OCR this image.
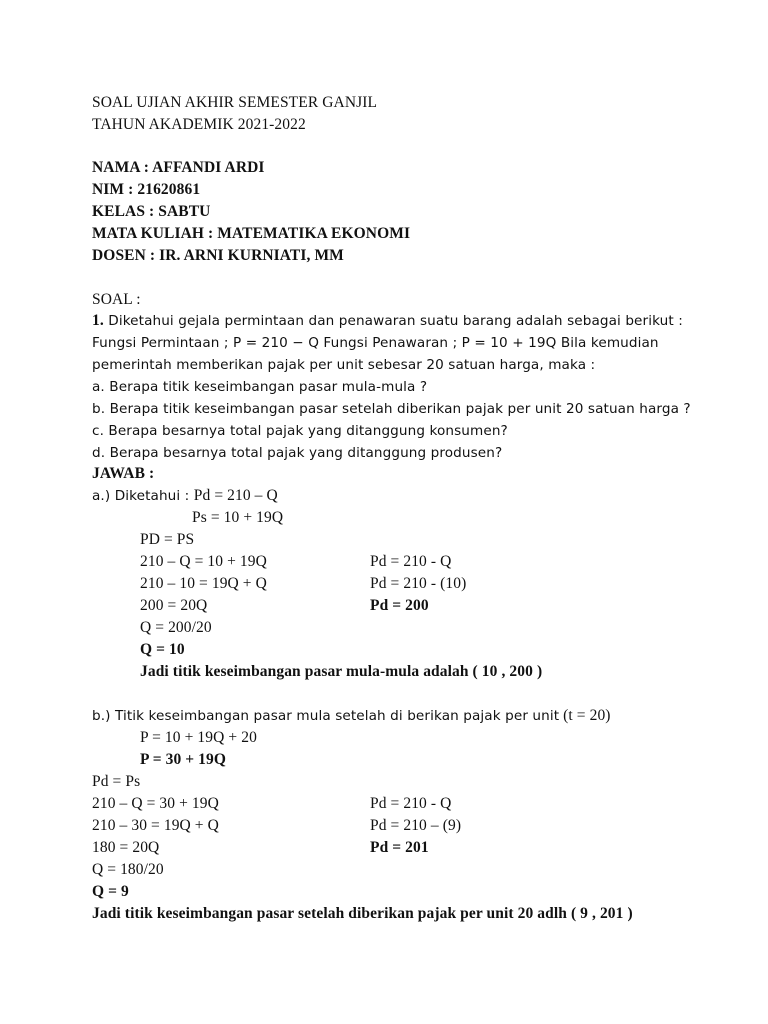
SOAL UJIAN AKHIR SEMESTER GANJIL
TAHUN AKADEMIK 2021-2022
NAMA : AFFANDI ARDI
NIM : 21620861
KELAS : SABTU
MATA KULIAH : MATEMATIKA EKONOMI
DOSEN : IR. ARNI KURNIATI, MM
SOAL :
1. Diketahui gejala permintaan dan penawaran suatu barang adalah sebagai berikut :
Fungsi Permintaan ; P = 210 − Q Fungsi Penawaran ; P = 10 + 19Q Bila kemudian
pemerintah memberikan pajak per unit sebesar 20 satuan harga, maka :
a. Berapa titik keseimbangan pasar mula-mula ?
b. Berapa titik keseimbangan pasar setelah diberikan pajak per unit 20 satuan harga ?
c. Berapa besarnya total pajak yang ditanggung konsumen?
d. Berapa besarnya total pajak yang ditanggung produsen?
JAWAB :
a.) Diketahui : Pd = 210 – Q
Ps = 10 + 19Q
PD = PS
210 – Q = 10 + 19Q	Pd = 210 - Q
210 – 10 = 19Q + Q	Pd = 210 - (10)
200 = 20Q	Pd = 200
Q = 200/20
Q = 10
Jadi titik keseimbangan pasar mula-mula adalah ( 10 , 200 )
b.) Titik keseimbangan pasar mula setelah di berikan pajak per unit (t = 20)
P = 10 + 19Q + 20
P = 30 + 19Q
Pd = Ps
210 – Q = 30 + 19Q	Pd = 210 - Q
210 – 30 = 19Q + Q	Pd = 210 – (9)
180 = 20Q	Pd = 201
Q = 180/20
Q = 9
Jadi titik keseimbangan pasar setelah diberikan pajak per unit 20 adlh ( 9 , 201 )
